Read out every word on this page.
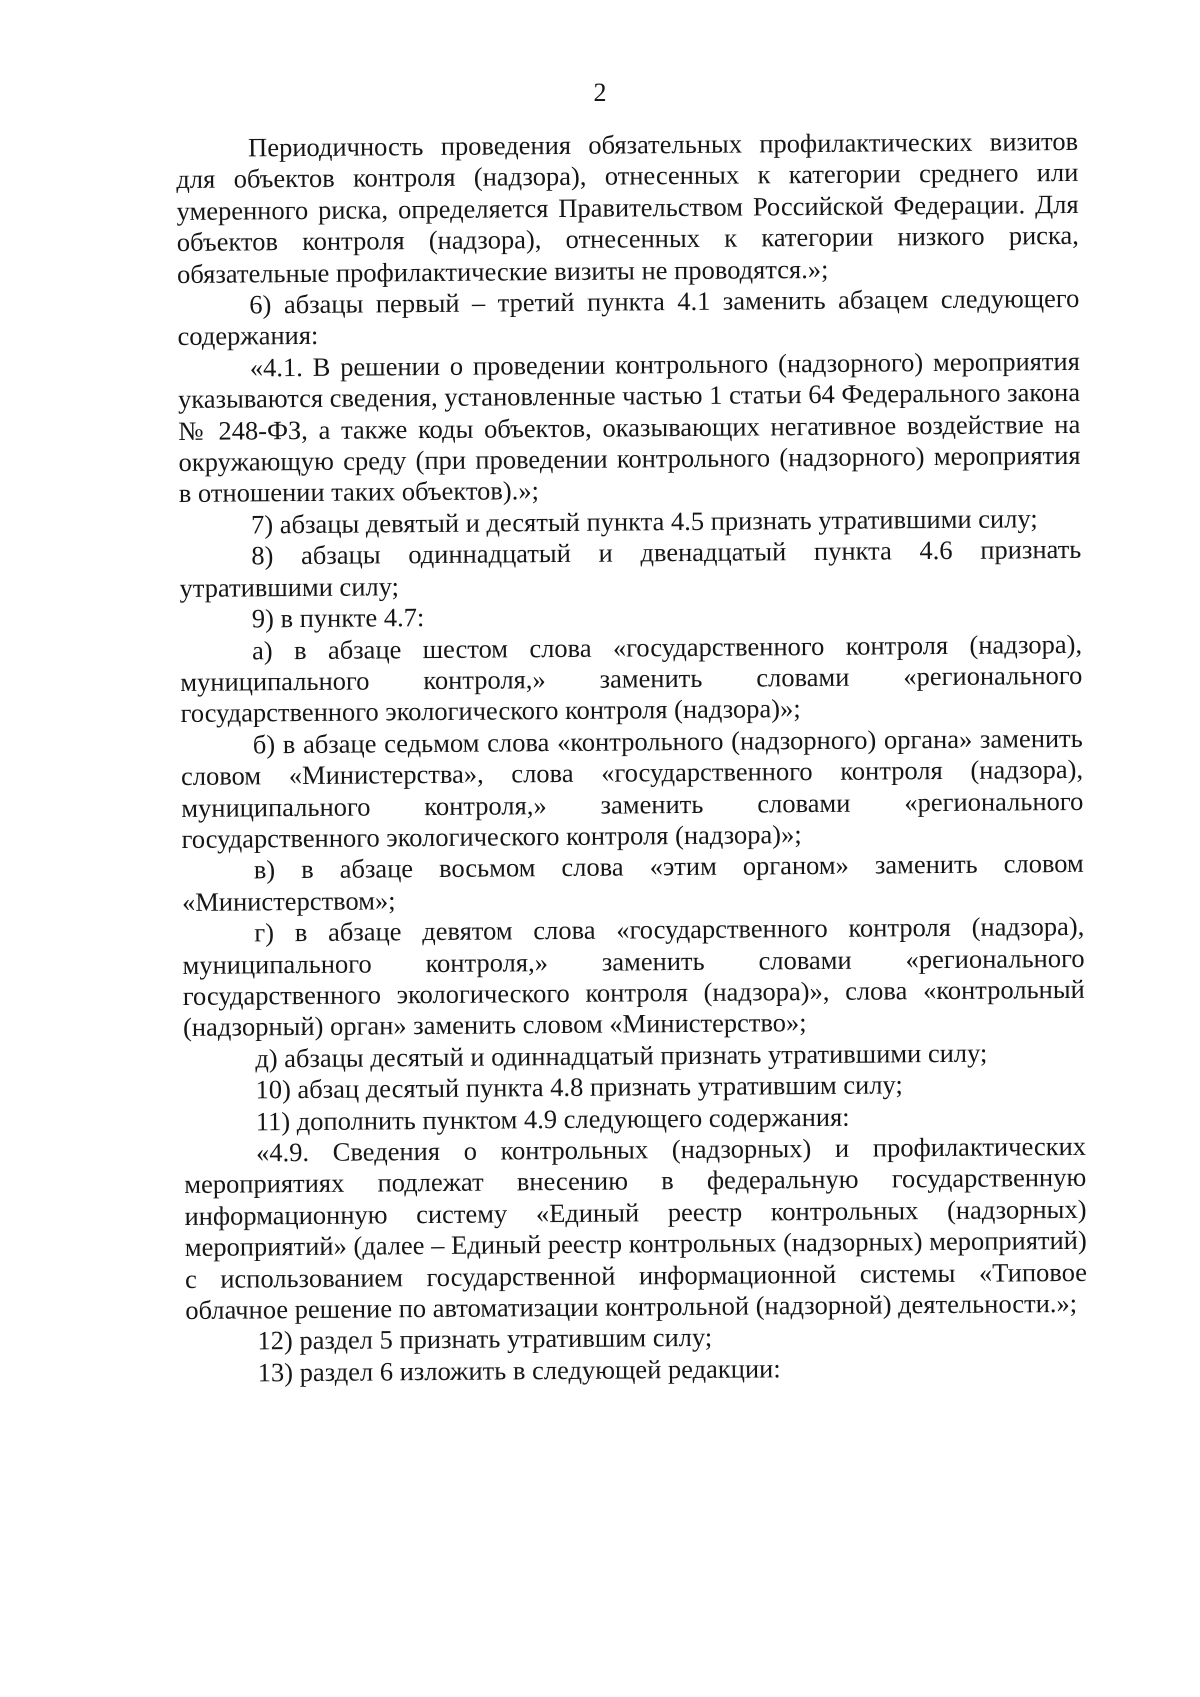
2

Периодичность проведения обязательных профилактических визитов для объектов контроля (надзора), отнесенных к категории среднего или умеренного риска, определяется Правительством Российской Федерации. Для объектов контроля (надзора), отнесенных к категории низкого риска, обязательные профилактические визиты не проводятся.»;

6) абзацы первый – третий пункта 4.1 заменить абзацем следующего содержания:

«4.1. В решении о проведении контрольного (надзорного) мероприятия указываются сведения, установленные частью 1 статьи 64 Федерального закона № 248-ФЗ, а также коды объектов, оказывающих негативное воздействие на окружающую среду (при проведении контрольного (надзорного) мероприятия в отношении таких объектов).»;

7) абзацы девятый и десятый пункта 4.5 признать утратившими силу;

8) абзацы одиннадцатый и двенадцатый пункта 4.6 признать утратившими силу;

9) в пункте 4.7:

а) в абзаце шестом слова «государственного контроля (надзора), муниципального контроля,» заменить словами «регионального государственного экологического контроля (надзора)»;

б) в абзаце седьмом слова «контрольного (надзорного) органа» заменить словом «Министерства», слова «государственного контроля (надзора), муниципального контроля,» заменить словами «регионального государственного экологического контроля (надзора)»;

в) в абзаце восьмом слова «этим органом» заменить словом «Министерством»;

г) в абзаце девятом слова «государственного контроля (надзора), муниципального контроля,» заменить словами «регионального государственного экологического контроля (надзора)», слова «контрольный (надзорный) орган» заменить словом «Министерство»;

д) абзацы десятый и одиннадцатый признать утратившими силу;

10) абзац десятый пункта 4.8 признать утратившим силу;

11) дополнить пунктом 4.9 следующего содержания:

«4.9. Сведения о контрольных (надзорных) и профилактических мероприятиях подлежат внесению в федеральную государственную информационную систему «Единый реестр контрольных (надзорных) мероприятий» (далее – Единый реестр контрольных (надзорных) мероприятий) с использованием государственной информационной системы «Типовое облачное решение по автоматизации контрольной (надзорной) деятельности.»;

12) раздел 5 признать утратившим силу;

13) раздел 6 изложить в следующей редакции:
